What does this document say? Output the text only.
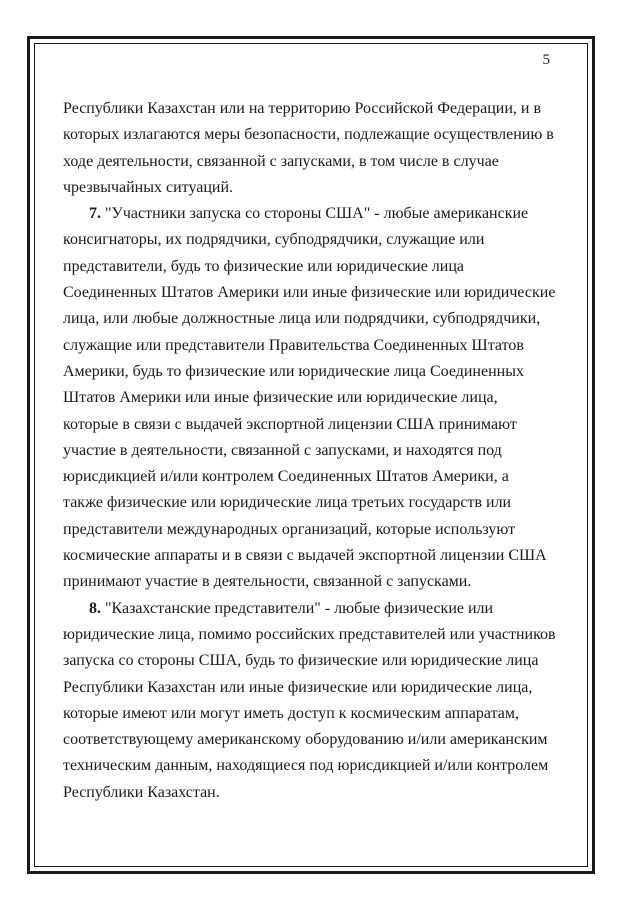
5

Республики Казахстан или на территорию Российской Федерации, и в
которых излагаются меры безопасности, подлежащие осуществлению в
ходе деятельности, связанной с запусками, в том числе в случае
чрезвычайных ситуаций.

7. "Участники запуска со стороны США" - любые американские
консигнаторы, их подрядчики, субподрядчики, служащие или
представители, будь то физические или юридические лица
Соединенных Штатов Америки или иные физические или юридические
лица, или любые должностные лица или подрядчики, субподрядчики,
служащие или представители Правительства Соединенных Штатов
Америки, будь то физические или юридические лица Соединенных
Штатов Америки или иные физические или юридические лица,
которые в связи с выдачей экспортной лицензии США принимают
участие в деятельности, связанной с запусками, и находятся под
юрисдикцией и/или контролем Соединенных Штатов Америки, а
также физические или юридические лица третьих государств или
представители международных организаций, которые используют
космические аппараты и в связи с выдачей экспортной лицензии США
принимают участие в деятельности, связанной с запусками.

8. "Казахстанские представители" - любые физические или
юридические лица, помимо российских представителей или участников
запуска со стороны США, будь то физические или юридические лица
Республики Казахстан или иные физические или юридические лица,
которые имеют или могут иметь доступ к космическим аппаратам,
соответствующему американскому оборудованию и/или американским
техническим данным, находящиеся под юрисдикцией и/или контролем
Республики Казахстан.
